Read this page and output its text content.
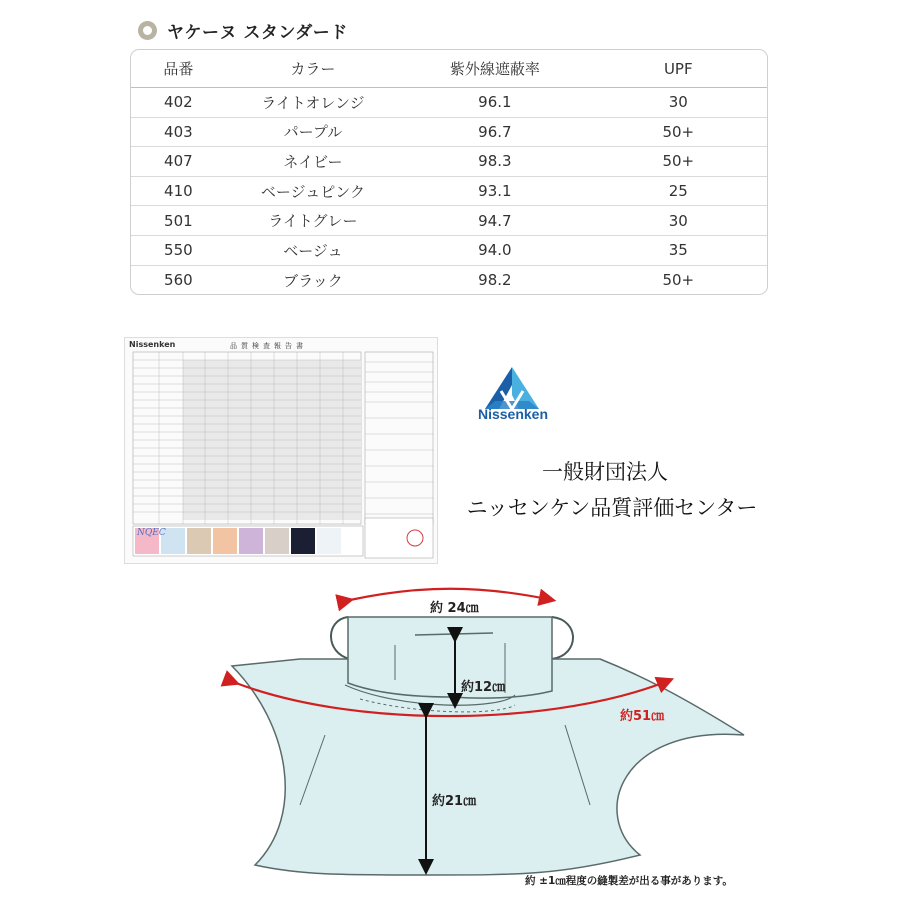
ヤケーヌ スタンダード
品番	カラー	紫外線遮蔽率	UPF
402	ライトオレンジ	96.1	30
403	パープル	96.7	50+
407	ネイビー	98.3	50+
410	ベージュピンク	93.1	25
501	ライトグレー	94.7	30
550	ベージュ	94.0	35
560	ブラック	98.2	50+
Nissenken	品質検査報告書
NQEC
Nissenken
一般財団法人
ニッセンケン品質評価センター
約 24㎝
約12㎝
約51㎝
約21㎝
約 ±1㎝程度の縫製差が出る事があります。
